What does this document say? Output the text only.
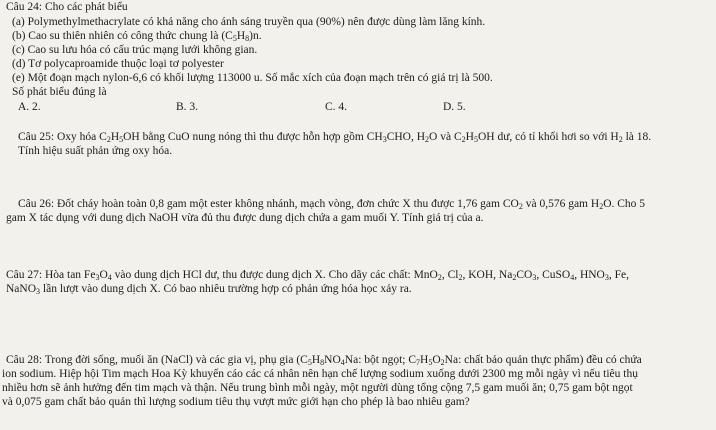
Câu 24: Cho các phát biểu
(a) Polymethylmethacrylate có khả năng cho ánh sáng truyền qua (90%) nên được dùng làm lăng kính.
(b) Cao su thiên nhiên có công thức chung là $(C_5H_8)n$.
(c) Cao su lưu hóa có cấu trúc mạng lưới không gian.
(d) Tơ polycaproamide thuộc loại tơ polyester
(e) Một đoạn mạch nylon-6,6 có khối lượng 113000 u. Số mắc xích của đoạn mạch trên có giá trị là 500.
Số phát biểu đúng là
A. 2.	B. 3.	C. 4.	D. 5.
Câu 25: Oxy hóa $C_2H_5OH$ bằng CuO nung nóng thì thu được hỗn hợp gồm $CH_3CHO$, $H_2O$ và $C_2H_5OH$ dư, có tỉ khối hơi so với $H_2$ là 18.
Tính hiệu suất phản ứng oxy hóa.
Câu 26: Đốt cháy hoàn toàn 0,8 gam một ester không nhánh, mạch vòng, đơn chức X thu được 1,76 gam $CO_2$ và 0,576 gam $H_2O$. Cho 5
gam X tác dụng với dung dịch NaOH vừa đủ thu được dung dịch chứa a gam muối Y. Tính giá trị của a.
Câu 27: Hòa $\tan Fe_3O_4$ vào dung dịch HCl dư, thu được dung dịch X. Cho dãy các chất: MnO$_2$, $Cl_2$, KOH, $Na_2CO_3$, CuSO$_4$, $HNO_3$, Fe,
NaNO$_3$ lần lượt vào dung dịch X. Có bao nhiêu trường hợp có phản ứng hóa học xảy ra.
Câu 28: Trong đời sống, muối ăn (NaCl) và các gia vị, phụ gia ($C_5H_8NO_4Na$: bột ngọt; $C_7H_5O_2Na$: chất bảo quản thực phẩm) đều có chứa
ion sodium. Hiệp hội Tim mạch Hoa Kỳ khuyến cáo các cá nhân nên hạn chế lượng sodium xuống dưới 2300 mg mỗi ngày vì nếu tiêu thụ
nhiều hơn sẽ ảnh hưởng đến tim mạch và thận. Nếu trung bình mỗi ngày, một người dùng tổng cộng 7,5 gam muối ăn; 0,75 gam bột ngọt
và 0,075 gam chất bảo quản thì lượng sodium tiêu thụ vượt mức giới hạn cho phép là bao nhiêu gam?
